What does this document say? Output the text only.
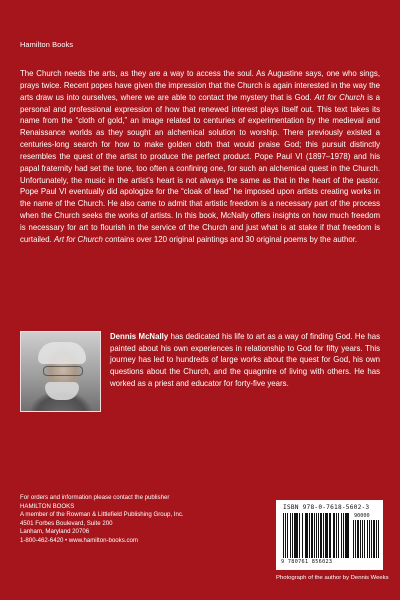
Hamilton Books

The Church needs the arts, as they are a way to access the soul. As Augustine says, one who sings, prays twice. Recent popes have given the impression that the Church is again interested in the way the arts draw us into ourselves, where we are able to contact the mystery that is God. Art for Church is a personal and professional expression of how that renewed interest plays itself out. This text takes its name from the “cloth of gold,” an image related to centuries of experimentation by the medieval and Renaissance worlds as they sought an alchemical solution to worship. There previously existed a centuries-long search for how to make golden cloth that would praise God; this pursuit distinctly resembles the quest of the artist to produce the perfect product. Pope Paul VI (1897–1978) and his papal fraternity had set the tone, too often a confining one, for such an alchemical quest in the Church. Unfortunately, the music in the artist’s heart is not always the same as that in the heart of the pastor. Pope Paul VI eventually did apologize for the “cloak of lead” he imposed upon artists creating works in the name of the Church. He also came to admit that artistic freedom is a necessary part of the process when the Church seeks the works of artists. In this book, McNally offers insights on how much freedom is necessary for art to flourish in the service of the Church and just what is at stake if that freedom is curtailed. Art for Church contains over 120 original paintings and 30 original poems by the author.

Dennis McNally has dedicated his life to art as a way of finding God. He has painted about his own experiences in relationship to God for fifty years. This journey has led to hundreds of large works about the quest for God, his own questions about the Church, and the quagmire of living with others. He has worked as a priest and educator for forty-five years.

For orders and information please contact the publisher
HAMILTON BOOKS
A member of the Rowman & Littlefield Publishing Group, Inc.
4501 Forbes Boulevard, Suite 200
Lanham, Maryland 20706
1-800-462-6420 • www.hamilton-books.com
ISBN 978-0-7618-5602-3
90000
9 780761 856023
Photograph of the author by Dennis Weeks
